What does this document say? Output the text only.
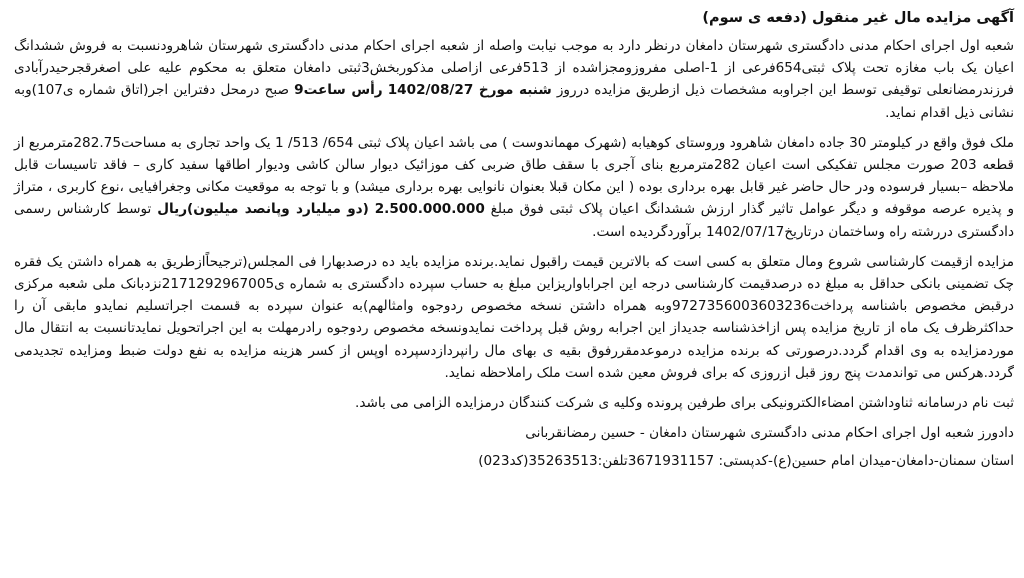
آگهی مزایده مال غیر منقول (دفعه ی سوم)

شعبه اول اجرای احکام مدنی دادگستری شهرستان دامغان درنظر دارد به موجب نیابت واصله از شعبه اجرای احکام مدنی دادگستری شهرستان شاهرودنسبت به فروش ششدانگ اعیان یک باب مغازه تحت پلاک ثبتی654فرعی از 1-اصلی مفروزومجزاشده از 513فرعی ازاصلی مذکوربخش3ثبتی دامغان متعلق به محکوم علیه علی اصغرقجرحیدرآبادی فرزندرمضانعلی توقیفی توسط این اجراوبه مشخصات ذیل ازطریق مزایده درروز شنبه مورخ 1402/08/27 رأس ساعت9 صبح درمحل دفتراین اجر(اتاق شماره ی107)وبه نشانی ذیل اقدام نماید.

ملک فوق واقع در کیلومتر 30 جاده دامغان شاهرود وروستای کوهیابه (شهرک مهماندوست ) می باشد اعیان پلاک ثبتی 654/ 513/ 1 یک واحد تجاری به مساحت282.75مترمربع از قطعه 203 صورت مجلس تفکیکی است اعیان 282مترمربع بنای آجری با سقف طاق ضربی کف موزائیک دیوار سالن کاشی ودیوار اطاقها سفید کاری – فاقد تاسیسات قابل ملاحظه –بسیار فرسوده ودر حال حاضر غیر قابل بهره برداری بوده ( این مکان قبلا بعنوان نانوایی بهره برداری میشد) و با توجه به موقعیت مکانی وجغرافیایی ،نوع کاربری ، متراژ و پذیره عرصه موقوفه و دیگر عوامل تاثیر گذار ارزش ششدانگ اعیان پلاک ثبتی فوق مبلغ 2.500.000.000 (دو میلیارد وپانصد میلیون)ریال توسط کارشناس رسمی دادگستری دررشته راه وساختمان درتاریخ1402/07/17 برآوردگردیده است.

مزایده ازقیمت کارشناسی شروع ومال متعلق به کسی است که بالاترین قیمت راقبول نماید.برنده مزایده باید ده درصدبهارا فی المجلس(ترجیحاًازطریق به همراه داشتن یک فقره چک تضمینی بانکی حداقل به مبلغ ده درصدقیمت کارشناسی درجه این اجراباواریزاین مبلغ به حساب سپرده دادگستری به شماره ی2171292967005نزدبانک ملی شعبه مرکزی درقبض مخصوص باشناسه پرداخت9727356003603236وبه همراه داشتن نسخه مخصوص ردوجوه وامثالهم)به عنوان سپرده به قسمت اجراتسلیم نمایدو مابقی آن را حداکثرظرف یک ماه از تاریخ مزایده پس ازاخذشناسه جدیداز این اجرابه روش قبل پرداخت نمایدونسخه مخصوص ردوجوه رادرمهلت به این اجراتحویل نمایدتانسبت به انتقال مال موردمزایده به وی اقدام گردد.درصورتی که برنده مزایده درموعدمقررفوق بقیه ی بهای مال رانپردازدسپرده اوپس از کسر هزینه مزایده به نفع دولت ضبط ومزایده تجدیدمی گردد.هرکس می تواندمدت پنج روز قبل ازروزی که برای فروش معین شده است ملک راملاحظه نماید.

ثبت نام درسامانه ثناوداشتن امضاءالکترونیکی برای طرفین پرونده وکلیه ی شرکت کنندگان درمزایده الزامی می باشد.

دادورز شعبه اول اجرای احکام مدنی دادگستری شهرستان دامغان - حسین رمضانقربانی
استان سمنان-دامغان-میدان امام حسین(ع)-کدپستی: 3671931157تلفن:35263513(کد023)
